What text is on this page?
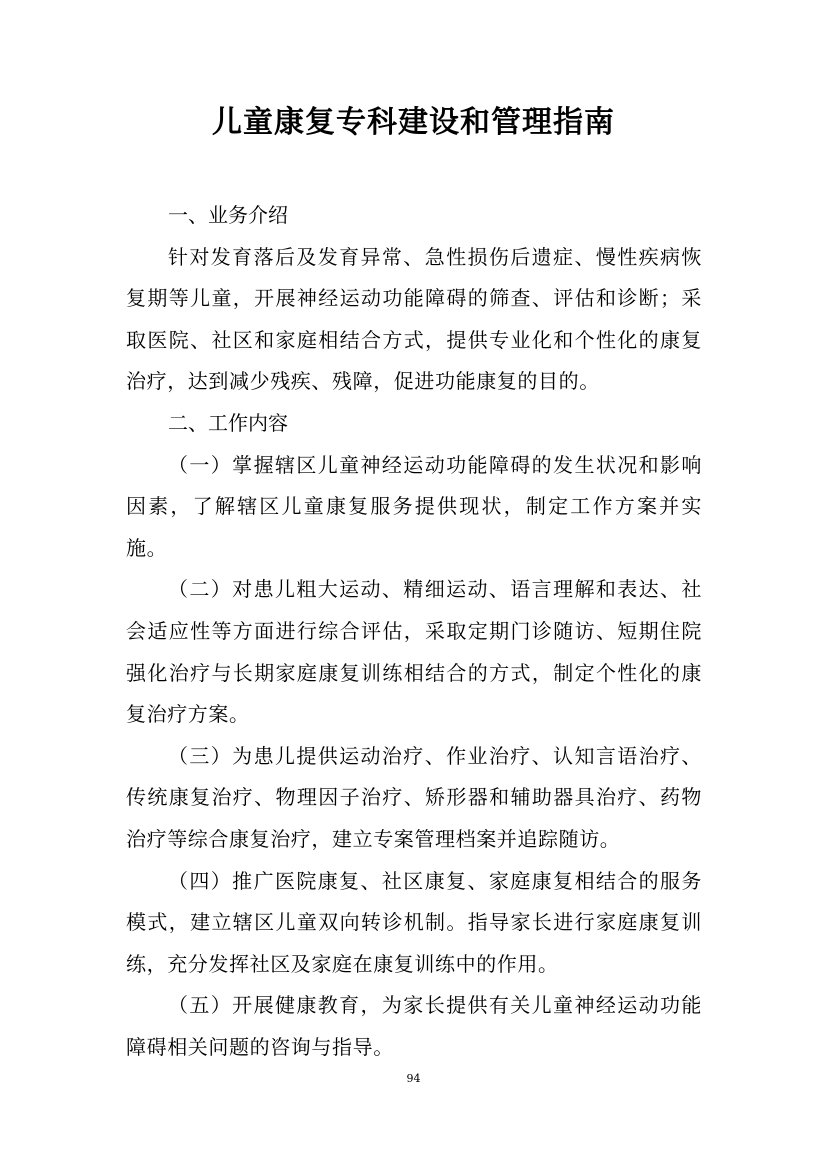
儿童康复专科建设和管理指南

一、业务介绍

针对发育落后及发育异常、急性损伤后遗症、慢性疾病恢复期等儿童，开展神经运动功能障碍的筛查、评估和诊断；采取医院、社区和家庭相结合方式，提供专业化和个性化的康复治疗，达到减少残疾、残障，促进功能康复的目的。

二、工作内容

（一）掌握辖区儿童神经运动功能障碍的发生状况和影响因素，了解辖区儿童康复服务提供现状，制定工作方案并实施。

（二）对患儿粗大运动、精细运动、语言理解和表达、社会适应性等方面进行综合评估，采取定期门诊随访、短期住院强化治疗与长期家庭康复训练相结合的方式，制定个性化的康复治疗方案。

（三）为患儿提供运动治疗、作业治疗、认知言语治疗、传统康复治疗、物理因子治疗、矫形器和辅助器具治疗、药物治疗等综合康复治疗，建立专案管理档案并追踪随访。

（四）推广医院康复、社区康复、家庭康复相结合的服务模式，建立辖区儿童双向转诊机制。指导家长进行家庭康复训练，充分发挥社区及家庭在康复训练中的作用。

（五）开展健康教育，为家长提供有关儿童神经运动功能障碍相关问题的咨询与指导。

94
